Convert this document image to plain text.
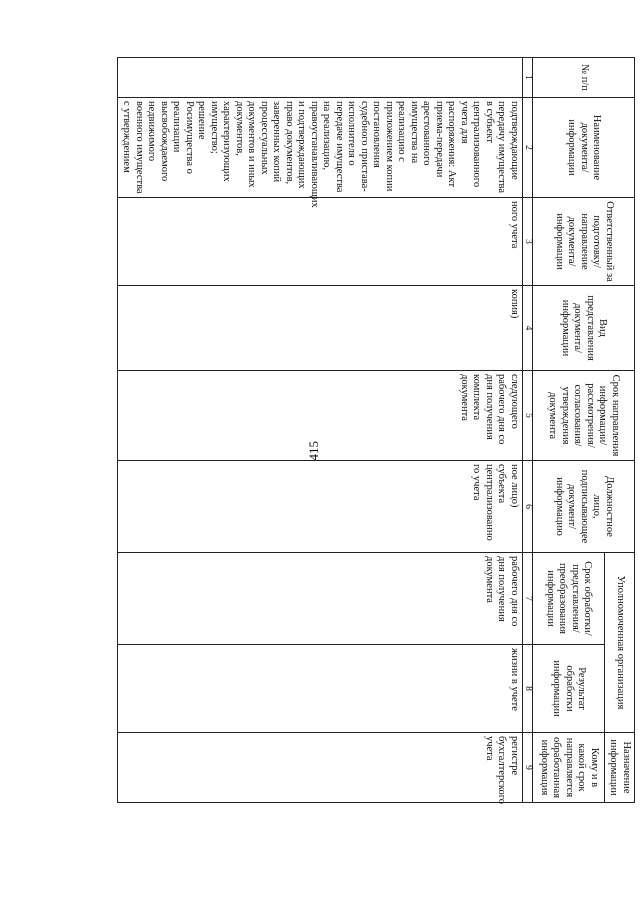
415
№ п/п	Наименование документа/ информации	Ответственный за подготовку/ направление документа/ информации	Вид представления документа/ информации	Срок направления информации/ рассмотрения/ согласования/ утверждения документа	Должностное лицо, подписывающее документ/ информацию	Уполномоченная организация		Назначение информации
						Срок обработки/ представления/ преобразования информации	Результат обработки информации	Кому и в какой срок направляется обработанная информация
1	2	3	4	5	6	7	8	9
	подтверждающие передачу имущества в субъект централизованного учета для распоряжения: Акт приема-передачи арестованного имущества на реализацию с приложением копии постановления судебного пристава-исполнителя о передаче имущества на реализацию, правоустанавливающих и подтверждающих право документов, заверенных копий процессуальных документов и иных документов, характеризующих имущество; решение Росимущества о реализации высвобождаемого недвижимого военного имущества с утверждением	ного учета	копия)	следующего рабочего дня со дня получения комплекта документа	ное лицо) субъекта централизованно го учета	рабочего дня со дня получения документа	жизни в учете	регистре бухгалтерского учета
